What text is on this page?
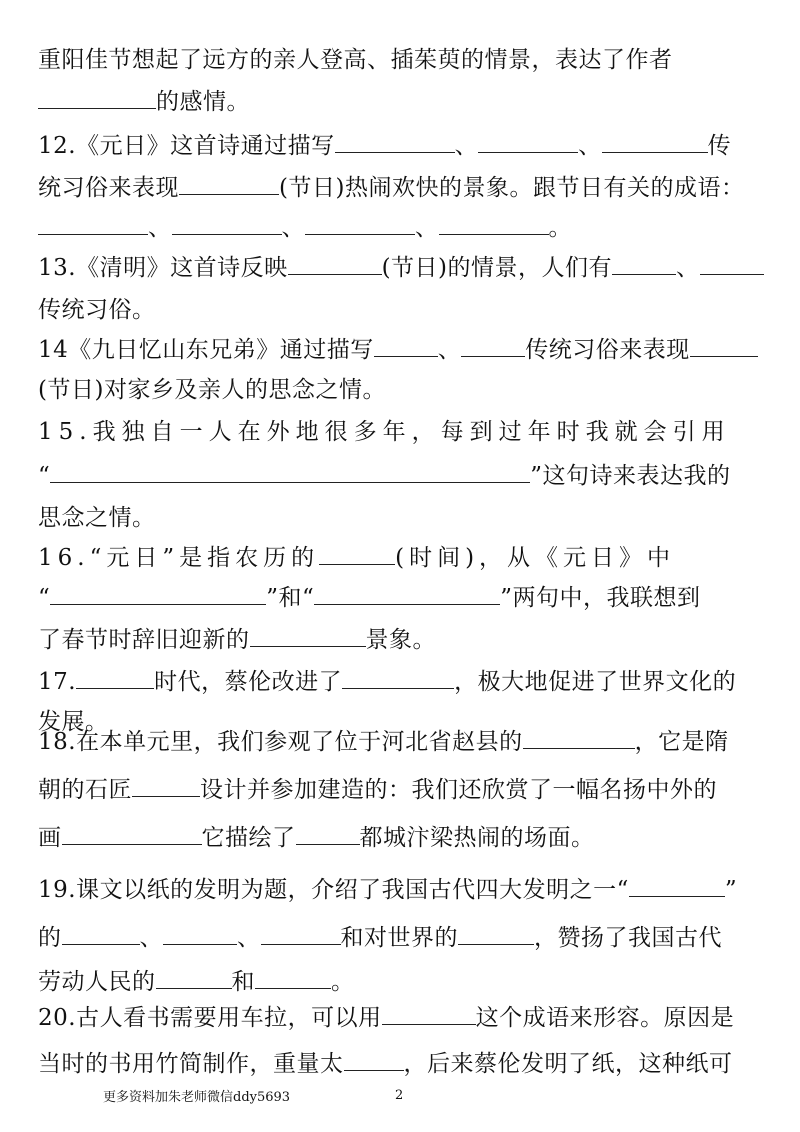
重阳佳节想起了远方的亲人登高、插茱萸的情景，表达了作者
的感情。
12.《元日》这首诗通过描写	、	、	传
统习俗来表现	(节日)热闹欢快的景象。跟节日有关的成语：
、	、	、	。
13.《清明》这首诗反映	(节日)的情景，人们有	、
传统习俗。
14《九日忆山东兄弟》通过描写	、	传统习俗来表现
(节日)对家乡及亲人的思念之情。
15.我独自一人在外地很多年，每到过年时我就会引用
“	”这句诗来表达我的
思念之情。
16.“元日”是指农历的	(时间)，从《元日》中
“	”和“	”两句中，我联想到
了春节时辞旧迎新的	景象。
17.	时代，蔡伦改进了	，极大地促进了世界文化的
发展。
18.在本单元里，我们参观了位于河北省赵县的	，它是隋
朝的石匠	设计并参加建造的：我们还欣赏了一幅名扬中外的
画	它描绘了	都城汴梁热闹的场面。
19.课文以纸的发明为题，介绍了我国古代四大发明之一“	”
的	、	、	和对世界的	，赞扬了我国古代
劳动人民的	和	。
20.古人看书需要用车拉，可以用	这个成语来形容。原因是
当时的书用竹简制作，重量太	，后来蔡伦发明了纸，这种纸可
更多资料加朱老师微信ddy5693	2
